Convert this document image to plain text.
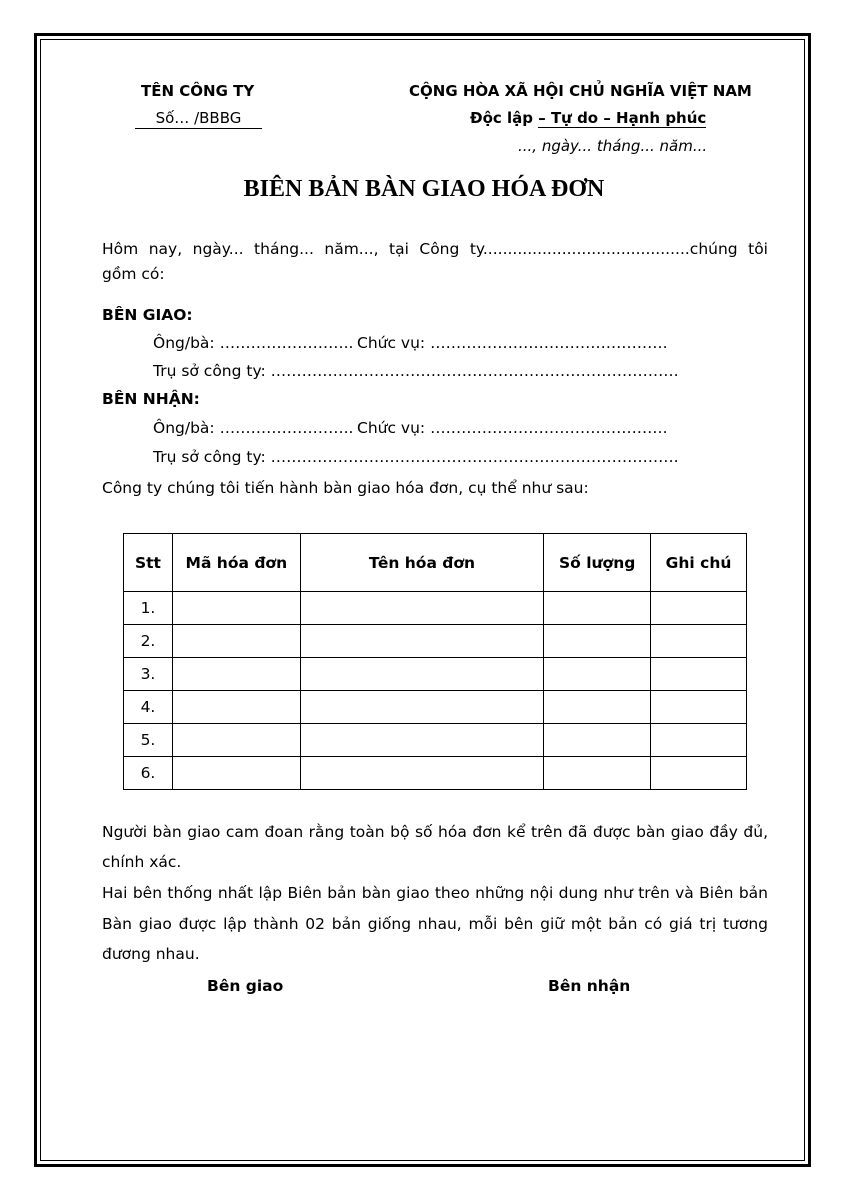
TÊN CÔNG TY
Số… /BBBG
CỘNG HÒA XÃ HỘI CHỦ NGHĨA VIỆT NAM
Độc lập – Tự do – Hạnh phúc
..., ngày... tháng... năm...
BIÊN BẢN BÀN GIAO HÓA ĐƠN
Hôm nay, ngày... tháng... năm..., tại Công ty..........................................chúng tôi
gồm có:
BÊN GIAO:
Ông/bà: …………………….. Chức vụ: ……………………………………….
Trụ sở công ty: …………………………………………………………………….
BÊN NHẬN:
Ông/bà: …………………….. Chức vụ: ……………………………………….
Trụ sở công ty: …………………………………………………………………….
Công ty chúng tôi tiến hành bàn giao hóa đơn, cụ thể như sau:
Stt	Mã hóa đơn	Tên hóa đơn	Số lượng	Ghi chú
1.				
2.				
3.				
4.				
5.				
6.				
Người bàn giao cam đoan rằng toàn bộ số hóa đơn kể trên đã được bàn giao đầy đủ,
chính xác.
Hai bên thống nhất lập Biên bản bàn giao theo những nội dung như trên và Biên bản
Bàn giao được lập thành 02 bản giống nhau, mỗi bên giữ một bản có giá trị tương
đương nhau.
Bên giao	Bên nhận
